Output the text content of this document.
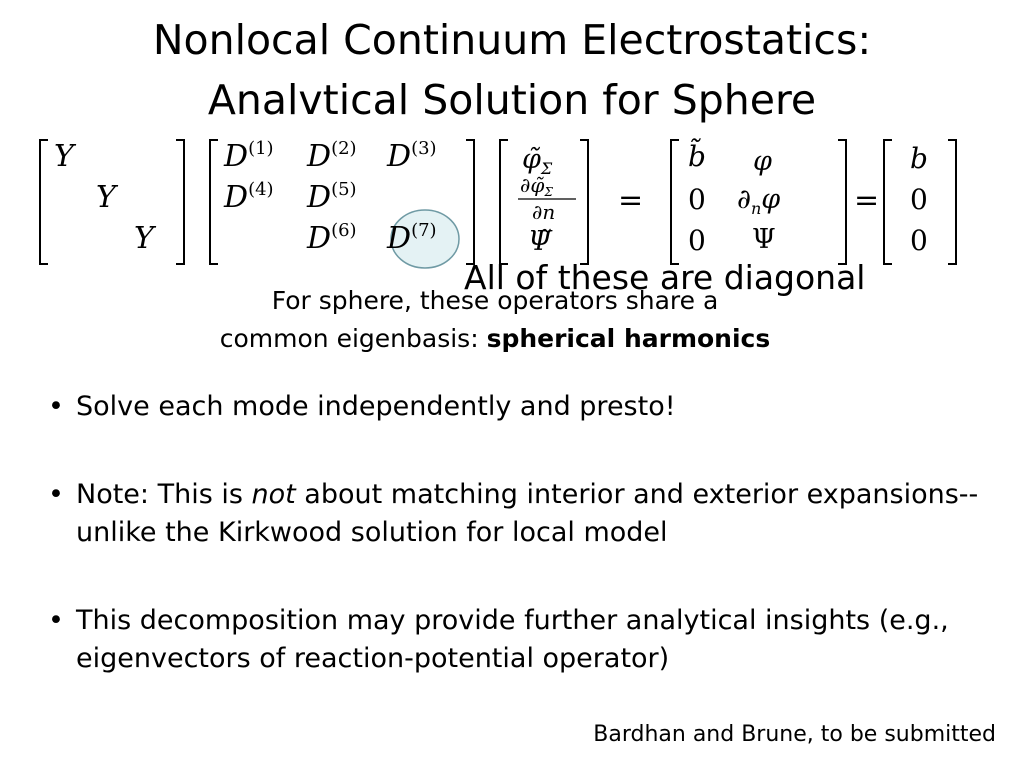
Nonlocal Continuum Electrostatics:
Analvtical Solution for Sphere
Y
Y
Y
$D^{(1)}$ $D^{(2)}$ $D^{(3)}$
$D^{(4)}$ $D^{(5)}$
$D^{(6)}$ $D^{(7)}$
$\varphĩ_\Sigma$
$\partial\varphĩ_\Sigma$
∂n
Ψ̃
=
b̃
0
0
φ
$\partial_n\varphi$
Ψ
=
b
0
0
All of these are diagonal
For sphere, these operators share a
common eigenbasis: spherical harmonics
• Solve each mode independently and presto!
• Note: This is not about matching interior and exterior expansions--unlike the Kirkwood solution for local model
• This decomposition may provide further analytical insights (e.g., eigenvectors of reaction-potential operator)
Bardhan and Brune, to be submitted
